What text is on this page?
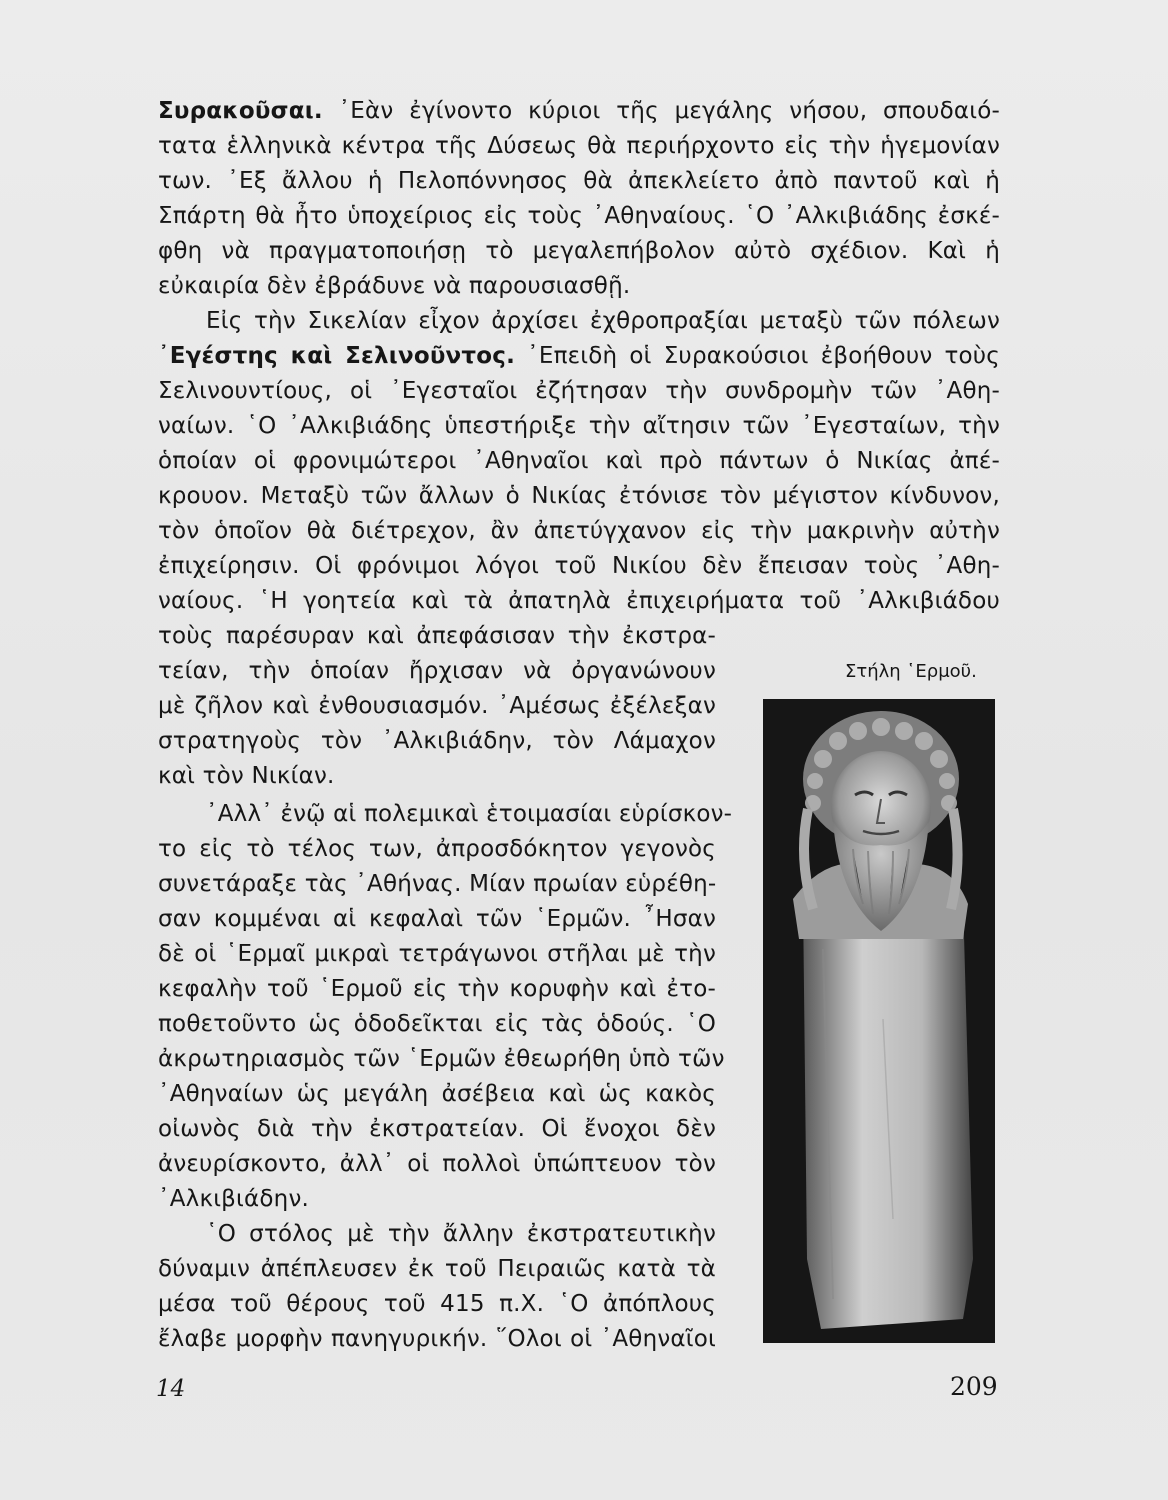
Συρακοῦσαι. ᾿Εὰν ἐγίνοντο κύριοι τῆς μεγάλης νήσου, σπουδαιό-
τατα ἑλληνικὰ κέντρα τῆς Δύσεως θὰ περιήρχοντο εἰς τὴν ἡγεμονίαν
των. ᾿Εξ ἄλλου ἡ Πελοπόννησος θὰ ἀπεκλείετο ἀπὸ παντοῦ καὶ ἡ
Σπάρτη θὰ ἦτο ὑποχείριος εἰς τοὺς ᾿Αθηναίους. ῾Ο ᾿Αλκιβιάδης ἐσκέ-
φθη νὰ πραγματοποιήσῃ τὸ μεγαλεπήβολον αὐτὸ σχέδιον. Καὶ ἡ
εὐκαιρία δὲν ἐβράδυνε νὰ παρουσιασθῇ.
Εἰς τὴν Σικελίαν εἶχον ἀρχίσει ἐχθροπραξίαι μεταξὺ τῶν πόλεων
᾿Εγέστης καὶ Σελινοῦντος. ᾿Επειδὴ οἱ Συρακούσιοι ἐβοήθουν τοὺς
Σελινουντίους, οἱ ᾿Εγεσταῖοι ἐζήτησαν τὴν συνδρομὴν τῶν ᾿Αθη-
ναίων. ῾Ο ᾿Αλκιβιάδης ὑπεστήριξε τὴν αἴτησιν τῶν ᾿Εγεσταίων, τὴν
ὁποίαν οἱ φρονιμώτεροι ᾿Αθηναῖοι καὶ πρὸ πάντων ὁ Νικίας ἀπέ-
κρουον. Μεταξὺ τῶν ἄλλων ὁ Νικίας ἐτόνισε τὸν μέγιστον κίνδυνον,
τὸν ὁποῖον θὰ διέτρεχον, ἂν ἀπετύγχανον εἰς τὴν μακρινὴν αὐτὴν
ἐπιχείρησιν. Οἱ φρόνιμοι λόγοι τοῦ Νικίου δὲν ἔπεισαν τοὺς ᾿Αθη-
ναίους. ῾Η γοητεία καὶ τὰ ἀπατηλὰ ἐπιχειρήματα τοῦ ᾿Αλκιβιάδου
τοὺς παρέσυραν καὶ ἀπεφάσισαν τὴν ἐκστρα-
τείαν, τὴν ὁποίαν ἤρχισαν νὰ ὀργανώνουν
μὲ ζῆλον καὶ ἐνθουσιασμόν. ᾿Αμέσως ἐξέλεξαν
στρατηγοὺς τὸν ᾿Αλκιβιάδην, τὸν Λάμαχον
καὶ τὸν Νικίαν.
᾿Αλλ᾿ ἐνῷ αἱ πολεμικαὶ ἑτοιμασίαι εὑρίσκον-
το εἰς τὸ τέλος των, ἀπροσδόκητον γεγονὸς
συνετάραξε τὰς ᾿Αθήνας. Μίαν πρωίαν εὑρέθη-
σαν κομμέναι αἱ κεφαλαὶ τῶν ῾Ερμῶν. ῏Ησαν
δὲ οἱ ῾Ερμαῖ μικραὶ τετράγωνοι στῆλαι μὲ τὴν
κεφαλὴν τοῦ ῾Ερμοῦ εἰς τὴν κορυφὴν καὶ ἐτο-
ποθετοῦντο ὡς ὁδοδεῖκται εἰς τὰς ὁδούς. ῾Ο
ἀκρωτηριασμὸς τῶν ῾Ερμῶν ἐθεωρήθη ὑπὸ τῶν
᾿Αθηναίων ὡς μεγάλη ἀσέβεια καὶ ὡς κακὸς
οἰωνὸς διὰ τὴν ἐκστρατείαν. Οἱ ἔνοχοι δὲν
ἀνευρίσκοντο, ἀλλ᾿ οἱ πολλοὶ ὑπώπτευον τὸν
᾿Αλκιβιάδην.
῾Ο στόλος μὲ τὴν ἄλλην ἐκστρατευτικὴν
δύναμιν ἀπέπλευσεν ἐκ τοῦ Πειραιῶς κατὰ τὰ
μέσα τοῦ θέρους τοῦ 415 π.Χ. ῾Ο ἀπόπλους
ἔλαβε μορφὴν πανηγυρικήν. ῞Ολοι οἱ ᾿Αθηναῖοι
Στήλη ῾Ερμοῦ.
14	209
